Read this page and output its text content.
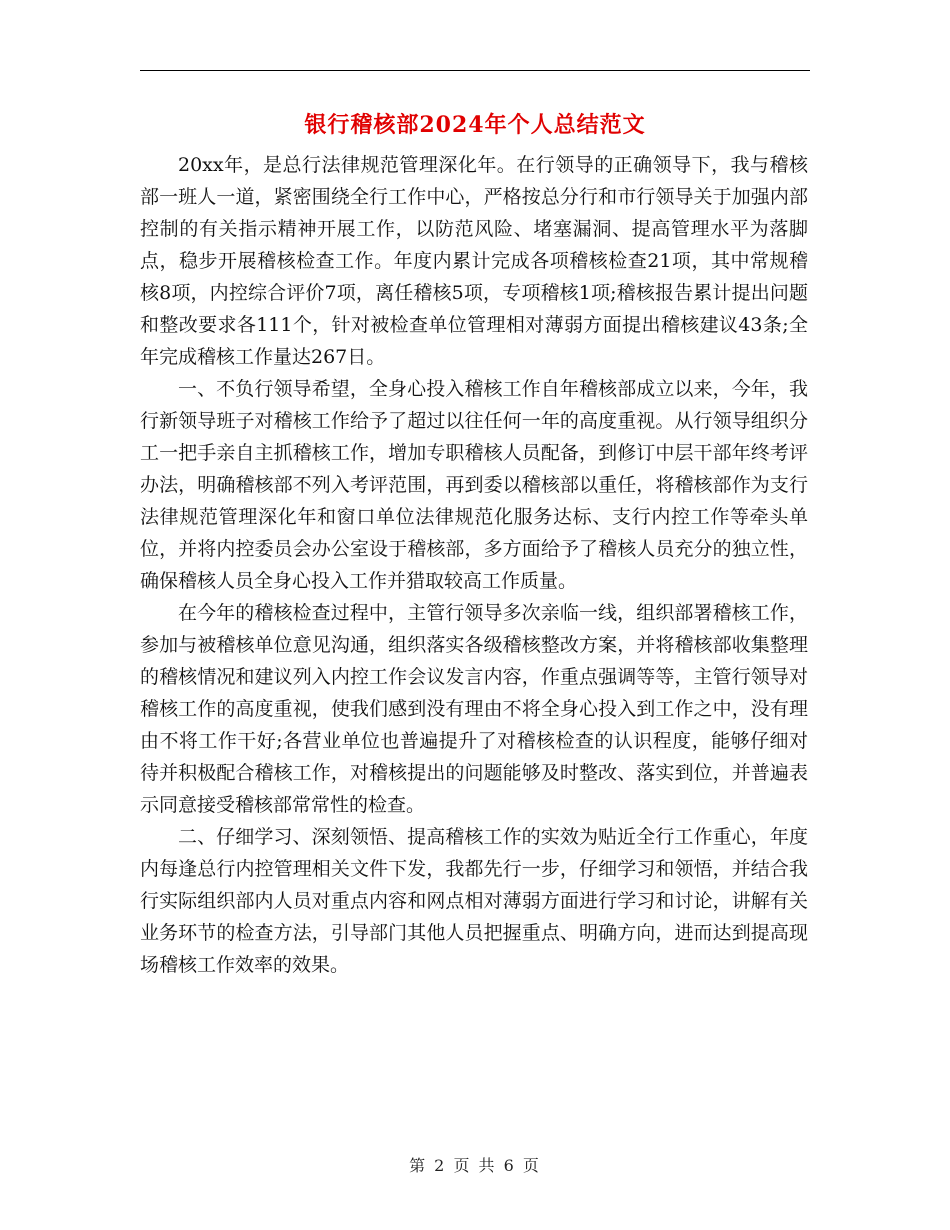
银行稽核部2024年个人总结范文

20xx年，是总行法律规范管理深化年。在行领导的正确领导下，我与稽核部一班人一道，紧密围绕全行工作中心，严格按总分行和市行领导关于加强内部控制的有关指示精神开展工作，以防范风险、堵塞漏洞、提高管理水平为落脚点，稳步开展稽核检查工作。年度内累计完成各项稽核检查21项，其中常规稽核8项，内控综合评价7项，离任稽核5项，专项稽核1项;稽核报告累计提出问题和整改要求各111个，针对被检查单位管理相对薄弱方面提出稽核建议43条;全年完成稽核工作量达267日。

一、不负行领导希望，全身心投入稽核工作自年稽核部成立以来，今年，我行新领导班子对稽核工作给予了超过以往任何一年的高度重视。从行领导组织分工一把手亲自主抓稽核工作，增加专职稽核人员配备，到修订中层干部年终考评办法，明确稽核部不列入考评范围，再到委以稽核部以重任，将稽核部作为支行法律规范管理深化年和窗口单位法律规范化服务达标、支行内控工作等牵头单位，并将内控委员会办公室设于稽核部，多方面给予了稽核人员充分的独立性，确保稽核人员全身心投入工作并猎取较高工作质量。

在今年的稽核检查过程中，主管行领导多次亲临一线，组织部署稽核工作，参加与被稽核单位意见沟通，组织落实各级稽核整改方案，并将稽核部收集整理的稽核情况和建议列入内控工作会议发言内容，作重点强调等等，主管行领导对稽核工作的高度重视，使我们感到没有理由不将全身心投入到工作之中，没有理由不将工作干好;各营业单位也普遍提升了对稽核检查的认识程度，能够仔细对待并积极配合稽核工作，对稽核提出的问题能够及时整改、落实到位，并普遍表示同意接受稽核部常常性的检查。

二、仔细学习、深刻领悟、提高稽核工作的实效为贴近全行工作重心，年度内每逢总行内控管理相关文件下发，我都先行一步，仔细学习和领悟，并结合我行实际组织部内人员对重点内容和网点相对薄弱方面进行学习和讨论，讲解有关业务环节的检查方法，引导部门其他人员把握重点、明确方向，进而达到提高现场稽核工作效率的效果。

第 2 页 共 6 页
